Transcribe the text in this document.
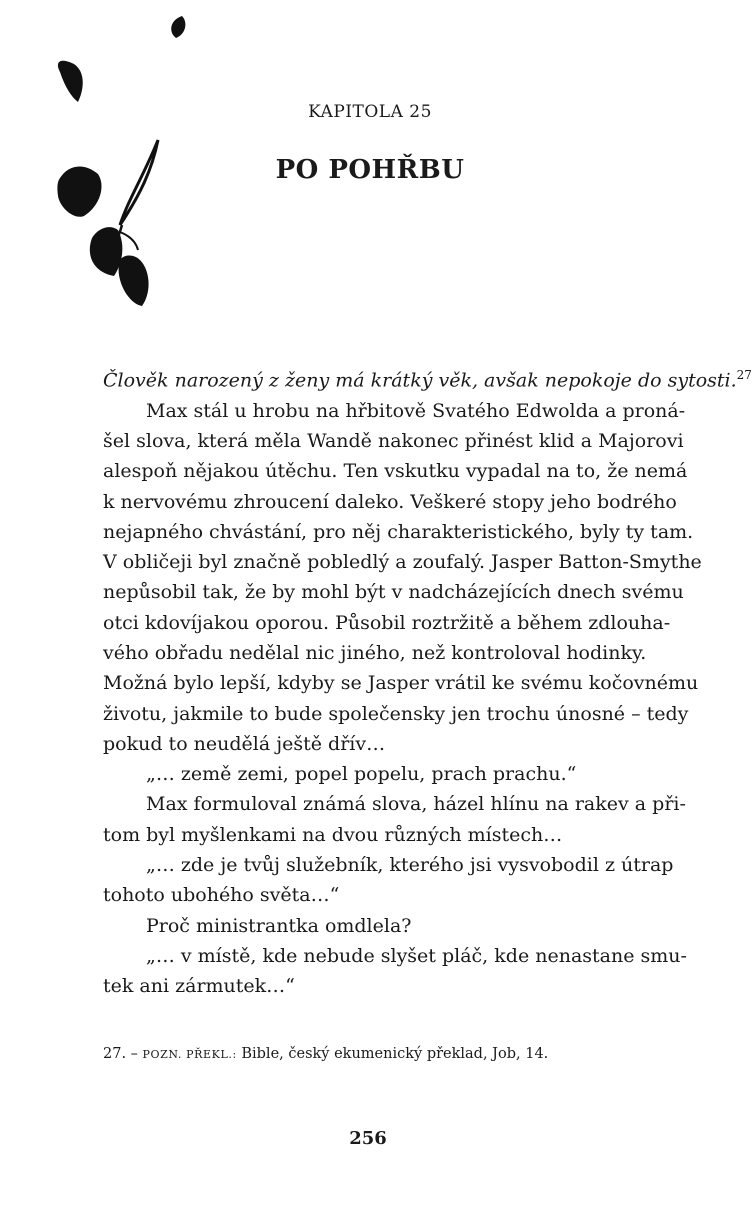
KAPITOLA 25
PO POHŘBU
Člověk narozený z ženy má krátký věk, avšak nepokoje do sytosti.$^{27}$
Max stál u hrobu na hřbitově Svatého Edwolda a proná-
šel slova, která měla Wandě nakonec přinést klid a Majorovi
alespoň nějakou útěchu. Ten vskutku vypadal na to, že nemá
k nervovému zhroucení daleko. Veškeré stopy jeho bodrého
nejapného chvástání, pro něj charakteristického, byly ty tam.
V obličeji byl značně pobledlý a zoufalý. Jasper Batton-Smythe
nepůsobil tak, že by mohl být v nadcházejících dnech svému
otci kdovíjakou oporou. Působil roztržitě a během zdlouha-
vého obřadu nedělal nic jiného, než kontroloval hodinky.
Možná bylo lepší, kdyby se Jasper vrátil ke svému kočovnému
životu, jakmile to bude společensky jen trochu únosné – tedy
pokud to neudělá ještě dřív…
„… země zemi, popel popelu, prach prachu.“
Max formuloval známá slova, házel hlínu na rakev a při-
tom byl myšlenkami na dvou různých místech…
„… zde je tvůj služebník, kterého jsi vysvobodil z útrap
tohoto ubohého světa…“
Proč ministrantka omdlela?
„… v místě, kde nebude slyšet pláč, kde nenastane smu-
tek ani zármutek…“
27. – POZN. PŘEKL.: Bible, český ekumenický překlad, Job, 14.
256
